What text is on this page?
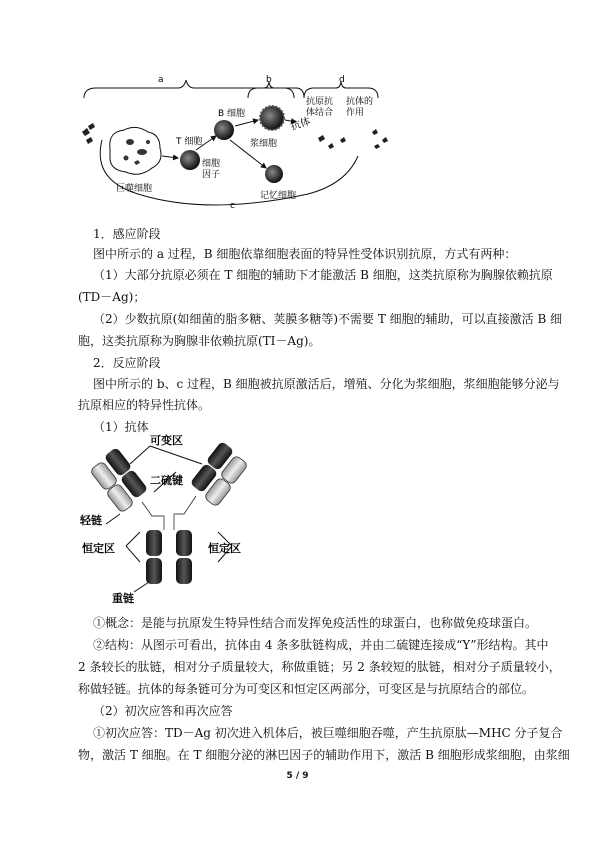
a	b	d
c
巨噬细胞
T 细胞
细胞
因子
B 细胞
浆细胞
记忆细胞
抗体
抗原抗
体结合
抗体的
作用
1．感应阶段
图中所示的 a 过程，B 细胞依靠细胞表面的特异性受体识别抗原，方式有两种：
（1）大部分抗原必须在 T 细胞的辅助下才能激活 B 细胞，这类抗原称为胸腺依赖抗原
(TD－Ag)；
（2）少数抗原(如细菌的脂多糖、荚膜多糖等)不需要 T 细胞的辅助，可以直接激活 B 细
胞，这类抗原称为胸腺非依赖抗原(TI－Ag)。
2．反应阶段
图中所示的 b、c 过程，B 细胞被抗原激活后，增殖、分化为浆细胞，浆细胞能够分泌与
抗原相应的特异性抗体。
（1）抗体
可变区
二硫键
轻链
恒定区	恒定区
重链
①概念：是能与抗原发生特异性结合而发挥免疫活性的球蛋白，也称做免疫球蛋白。
②结构：从图示可看出，抗体由 4 条多肽链构成，并由二硫键连接成“Y”形结构。其中
2 条较长的肽链，相对分子质量较大，称做重链；另 2 条较短的肽链，相对分子质量较小，
称做轻链。抗体的每条链可分为可变区和恒定区两部分，可变区是与抗原结合的部位。
（2）初次应答和再次应答
①初次应答：TD－Ag 初次进入机体后，被巨噬细胞吞噬，产生抗原肽—MHC 分子复合
物，激活 T 细胞。在 T 细胞分泌的淋巴因子的辅助作用下，激活 B 细胞形成浆细胞，由浆细
5 / 9
